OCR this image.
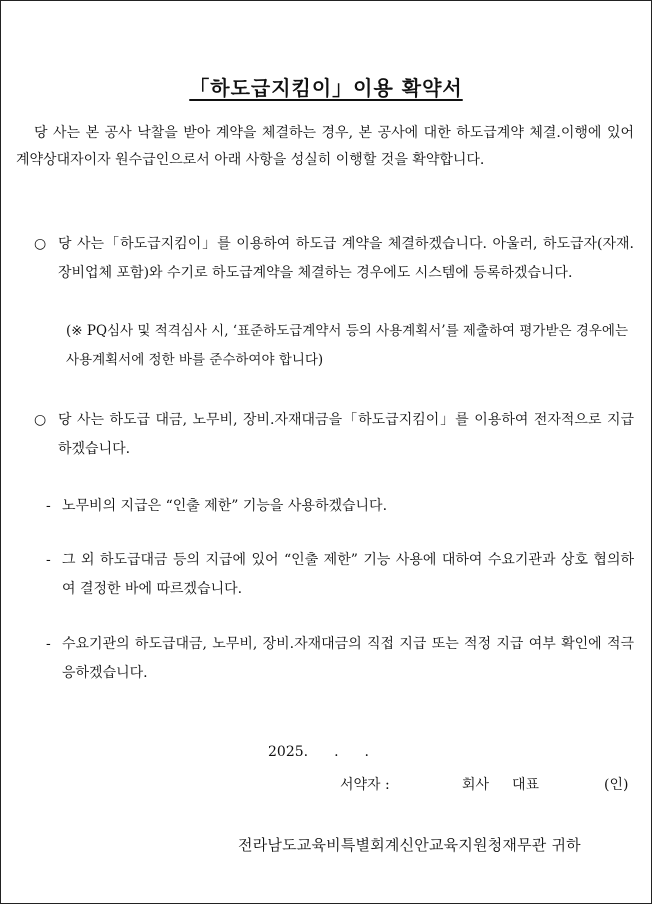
「하도급지킴이」이용 확약서
당 사는 본 공사 낙찰을 받아 계약을 체결하는 경우, 본 공사에 대한 하도급계약 체결.이행에 있어 계약상대자이자 원수급인으로서 아래 사항을 성실히 이행할 것을 확약합니다.
○ 당 사는「하도급지킴이」를 이용하여 하도급 계약을 체결하겠습니다. 아울러, 하도급자(자재.장비업체 포함)와 수기로 하도급계약을 체결하는 경우에도 시스템에 등록하겠습니다.
(※ PQ심사 및 적격심사 시, ‘표준하도급계약서 등의 사용계획서’를 제출하여 평가받은 경우에는 사용계획서에 정한 바를 준수하여야 합니다)
○ 당 사는 하도급 대금, 노무비, 장비.자재대금을「하도급지킴이」를 이용하여 전자적으로 지급하겠습니다.
- 노무비의 지급은 “인출 제한” 기능을 사용하겠습니다.
- 그 외 하도급대금 등의 지급에 있어 “인출 제한” 기능 사용에 대하여 수요기관과 상호 협의하여 결정한 바에 따르겠습니다.
- 수요기관의 하도급대금, 노무비, 장비.자재대금의 직접 지급 또는 적정 지급 여부 확인에 적극 응하겠습니다.
2025. . .
서약자 :	회사 대표	(인)
전라남도교육비특별회계신안교육지원청재무관 귀하
